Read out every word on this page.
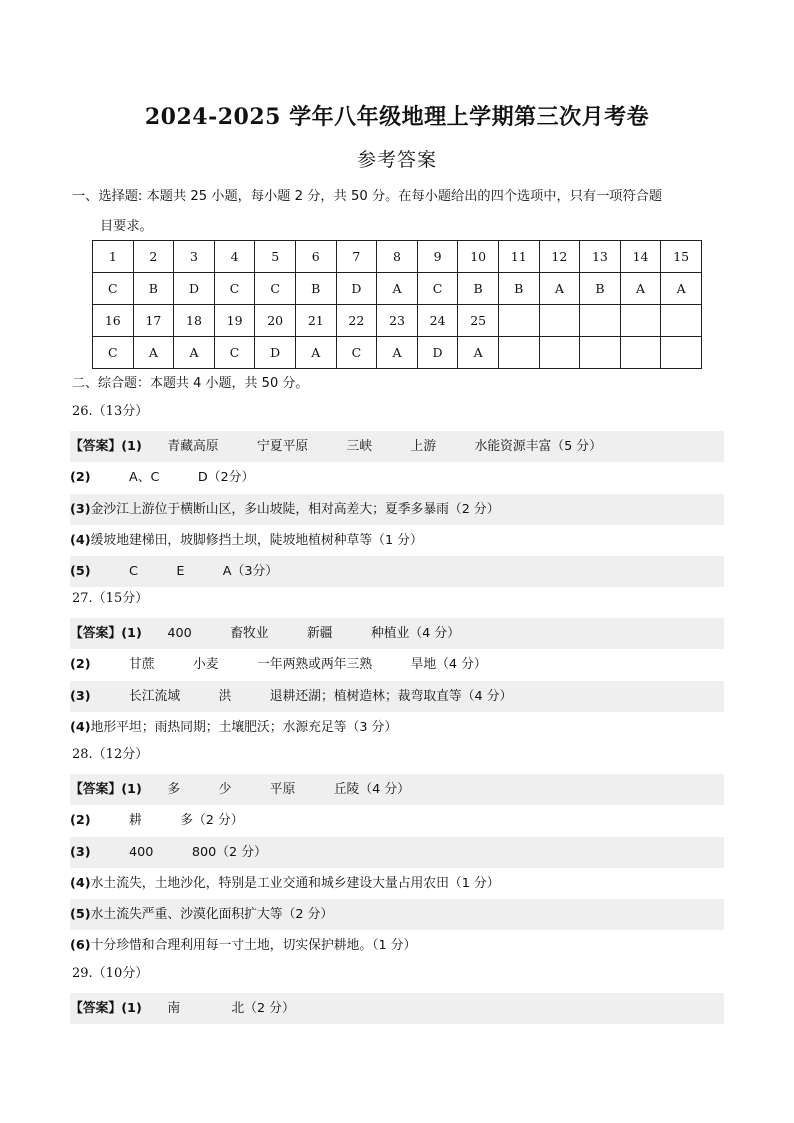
2024-2025 学年八年级地理上学期第三次月考卷
参考答案
一、选择题: 本题共 25 小题，每小题 2 分，共 50 分。在每小题给出的四个选项中，只有一项符合题
目要求。
1	2	3	4	5	6	7	8	9	10	11	12	13	14	15
C	B	D	C	C	B	D	A	C	B	B	A	B	A	A
16	17	18	19	20	21	22	23	24	25					
C	A	A	C	D	A	C	A	D	A					
二、综合题：本题共 4 小题，共 50 分。
26.（13分）
【答案】(1)　　青藏高原　　　宁夏平原　　　三峡　　　上游　　　水能资源丰富（5 分）
(2)　　　A、C　　　D（2分）
(3)金沙江上游位于横断山区，多山坡陡，相对高差大；夏季多暴雨（2 分）
(4)缓坡地建梯田，坡脚修挡土坝，陡坡地植树种草等（1 分）
(5)　　　C　　　E　　　A（3分）
27.（15分）
【答案】(1)　　400　　　畜牧业　　　新疆　　　种植业（4 分）
(2)　　　甘蔗　　　小麦　　　一年两熟或两年三熟　　　旱地（4 分）
(3)　　　长江流域　　　洪　　　退耕还湖；植树造林；裁弯取直等（4 分）
(4)地形平坦；雨热同期；土壤肥沃；水源充足等（3 分）
28.（12分）
【答案】(1)　　多　　　少　　　平原　　　丘陵（4 分）
(2)　　　耕　　　多（2 分）
(3)　　　400　　　800（2 分）
(4)水土流失，土地沙化，特别是工业交通和城乡建设大量占用农田（1 分）
(5)水土流失严重、沙漠化面积扩大等（2 分）
(6)十分珍惜和合理利用每一寸土地，切实保护耕地。（1 分）
29.（10分）
【答案】(1)　　南　　　　北（2 分）
